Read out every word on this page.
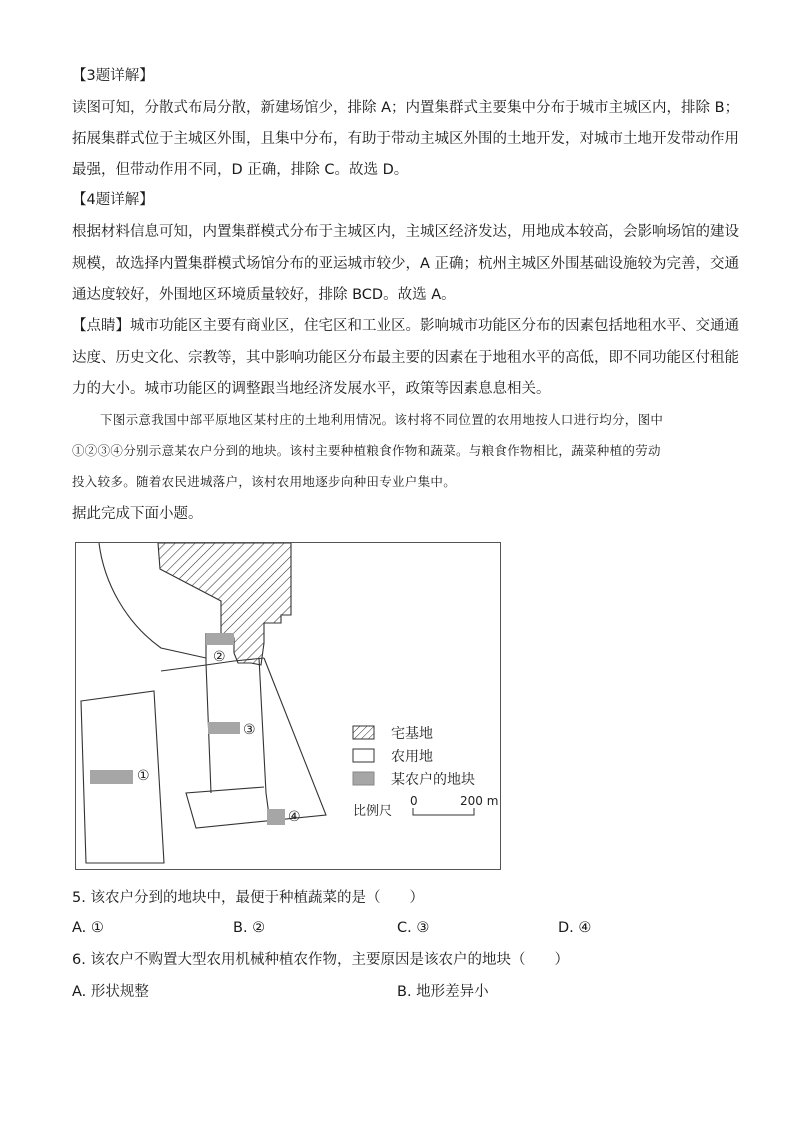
【3题详解】
读图可知，分散式布局分散，新建场馆少，排除 A；内置集群式主要集中分布于城市主城区内，排除 B；
拓展集群式位于主城区外围，且集中分布，有助于带动主城区外围的土地开发，对城市土地开发带动作用
最强，但带动作用不同，D 正确，排除 C。故选 D。
【4题详解】
根据材料信息可知，内置集群模式分布于主城区内，主城区经济发达，用地成本较高，会影响场馆的建设
规模，故选择内置集群模式场馆分布的亚运城市较少，A 正确；杭州主城区外围基础设施较为完善，交通
通达度较好，外围地区环境质量较好，排除 BCD。故选 A。
【点睛】城市功能区主要有商业区，住宅区和工业区。影响城市功能区分布的因素包括地租水平、交通通
达度、历史文化、宗教等，其中影响功能区分布最主要的因素在于地租水平的高低，即不同功能区付租能
力的大小。城市功能区的调整跟当地经济发展水平，政策等因素息息相关。
下图示意我国中部平原地区某村庄的土地利用情况。该村将不同位置的农用地按人口进行均分，图中
①②③④分别示意某农户分到的地块。该村主要种植粮食作物和蔬菜。与粮食作物相比，蔬菜种植的劳动
投入较多。随着农民进城落户，该村农用地逐步向种田专业户集中。
据此完成下面小题。
②
③
①
④
宅基地
农用地
某农户的地块
比例尺
0	200 m
5. 该农户分到的地块中，最便于种植蔬菜的是（　　）
A. ①	B. ②	C. ③	D. ④
6. 该农户不购置大型农用机械种植农作物，主要原因是该农户的地块（　　）
A. 形状规整	B. 地形差异小
